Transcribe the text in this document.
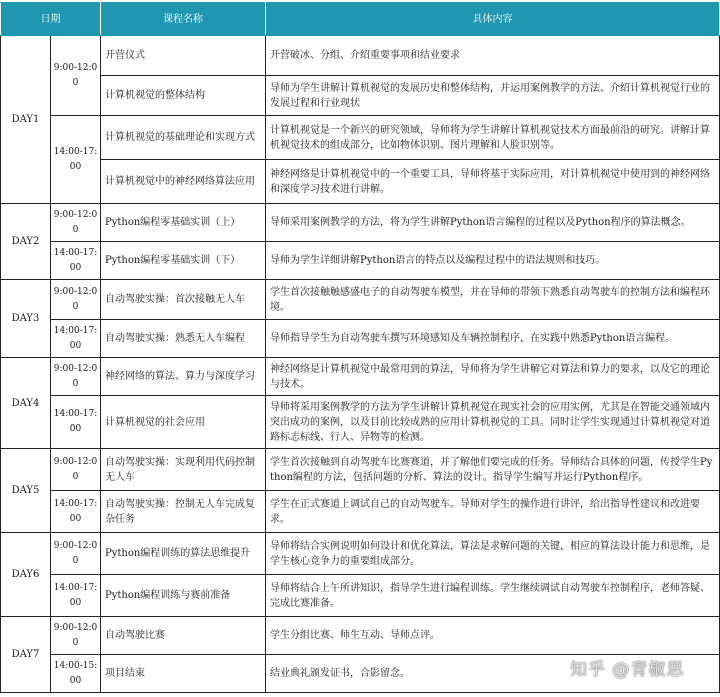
日期		课程名称	具体内容
DAY1	9:00-12:00	开营仪式	开营破冰、分组、介绍重要事项和结业要求
		计算机视觉的整体结构	导师为学生讲解计算机视觉的发展历史和整体结构，并运用案例教学的方法、介绍计算机视觉行业的发展过程和行业现状
	14:00-17:00	计算机视觉的基础理论和实现方式	计算机视觉是一个新兴的研究领域，导师将为学生讲解计算机视觉技术方面最前沿的研究。讲解计算机视觉技术的组成部分，比如物体识别、图片理解和人脸识别等。
		计算机视觉中的神经网络算法应用	神经网络是计算机视觉中的一个重要工具，导师将基于实际应用，对计算机视觉中使用到的神经网络和深度学习技术进行讲解。
DAY2	9:00-12:00	Python编程零基础实训（上）	导师采用案例教学的方法，将为学生讲解Python语言编程的过程以及Python程序的算法概念。
	14:00-17:00	Python编程零基础实训（下）	导师为学生详细讲解Python语言的特点以及编程过程中的语法规则和技巧。
DAY3	9:00-12:00	自动驾驶实操：首次接触无人车	学生首次接触触感盛电子的自动驾驶车模型，并在导师的带领下熟悉自动驾驶车的控制方法和编程环境。
	14:00-17:00	自动驾驶实操：熟悉无人车编程	导师指导学生为自动驾驶车撰写环境感知及车辆控制程序，在实践中熟悉Python语言编程。
DAY4	9:00-12:00	神经网络的算法、算力与深度学习	神经网络是计算机视觉中最常用到的算法，导师将为学生讲解它对算法和算力的要求，以及它的理论与技术。
	14:00-17:00	计算机视觉的社会应用	导师将采用案例教学的方法为学生讲解计算机视觉在现实社会的应用实例，尤其是在智能交通领域内突出成功的案例，以及目前比较成熟的应用计算机视觉的工具。同时让学生实现通过计算机视觉对道路标志标线、行人、异物等的检测。
DAY5	9:00-12:00	自动驾驶实操：实现利用代码控制无人车	学生首次接触到自动驾驶车比赛赛道，并了解他们要完成的任务。导师结合具体的问题，传授学生Python编程的方法，包括问题的分析、算法的设计。指导学生编写并运行Python程序。
	14:00-17:00	自动驾驶实操：控制无人车完成复杂任务	学生在正式赛道上调试自己的自动驾驶车。导师对学生的操作进行讲评，给出指导性建议和改进要求。
DAY6	9:00-12:00	Python编程训练的算法思维提升	导师将结合实例说明如何设计和优化算法，算法是求解问题的关键，相应的算法设计能力和思维，是学生核心竞争力的重要组成部分。
	14:00-17:00	Python编程训练与赛前准备	导师将结合上午所讲知识，指导学生进行编程训练。学生继续调试自动驾驶车控制程序，老师答疑、完成比赛准备。
DAY7	9:00-12:00	自动驾驶比赛	学生分组比赛、师生互动、导师点评。
	14:00-15:00	项目结束	结业典礼颁发证书，合影留念。	知乎 @青椒思
